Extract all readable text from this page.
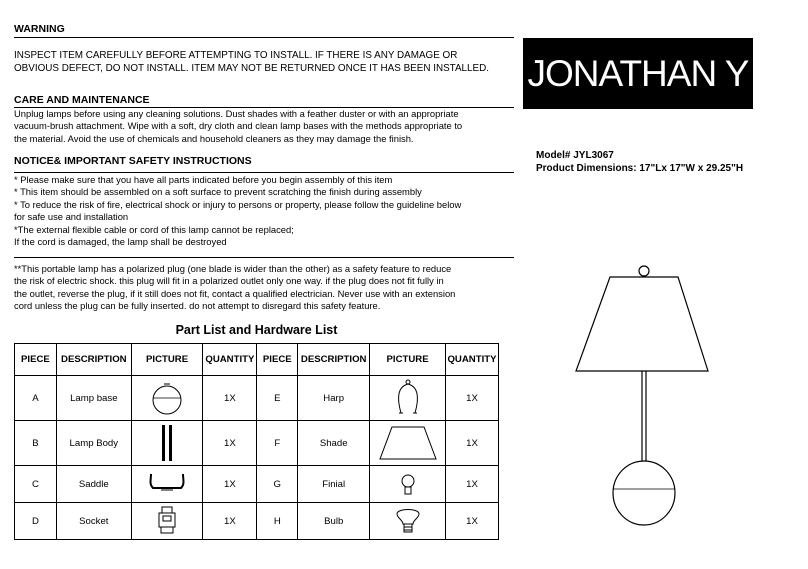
WARNING
INSPECT ITEM CAREFULLY BEFORE ATTEMPTING TO INSTALL. IF THERE IS ANY DAMAGE OR
OBVIOUS DEFECT, DO NOT INSTALL. ITEM MAY NOT BE RETURNED ONCE IT HAS BEEN INSTALLED.
CARE AND MAINTENANCE
Unplug lamps before using any cleaning solutions. Dust shades with a feather duster or with an appropriate
vacuum-brush attachment. Wipe with a soft, dry cloth and clean lamp bases with the methods appropriate to
the material. Avoid the use of chemicals and household cleaners as they may damage the finish.
NOTICE& IMPORTANT SAFETY INSTRUCTIONS
* Please make sure that you have all parts indicated before you begin assembly of this item
* This item should be assembled on a soft surface to prevent scratching the finish during assembly
* To reduce the risk of fire, electrical shock or injury to persons or property, please follow the guideline below
for safe use and installation
*The external flexible cable or cord of this lamp cannot be replaced;
If the cord is damaged, the lamp shall be destroyed
**This portable lamp has a polarized plug (one blade is wider than the other) as a safety feature to reduce
the risk of electric shock. this plug will fit in a polarized outlet only one way. if the plug does not fit fully in
the outlet, reverse the plug, if it still does not fit, contact a qualified electrician. Never use with an extension
cord unless the plug can be fully inserted. do not attempt to disregard this safety feature.
JONATHAN Y
Model# JYL3067
Product Dimensions: 17"Lx 17"W x 29.25"H
Part List and Hardware List
PIECE	DESCRIPTION	PICTURE	QUANTITY	PIECE	DESCRIPTION	PICTURE	QUANTITY
A	Lamp base		1X	E	Harp		1X
B	Lamp Body		1X	F	Shade		1X
C	Saddle		1X	G	Finial		1X
D	Socket		1X	H	Bulb		1X
